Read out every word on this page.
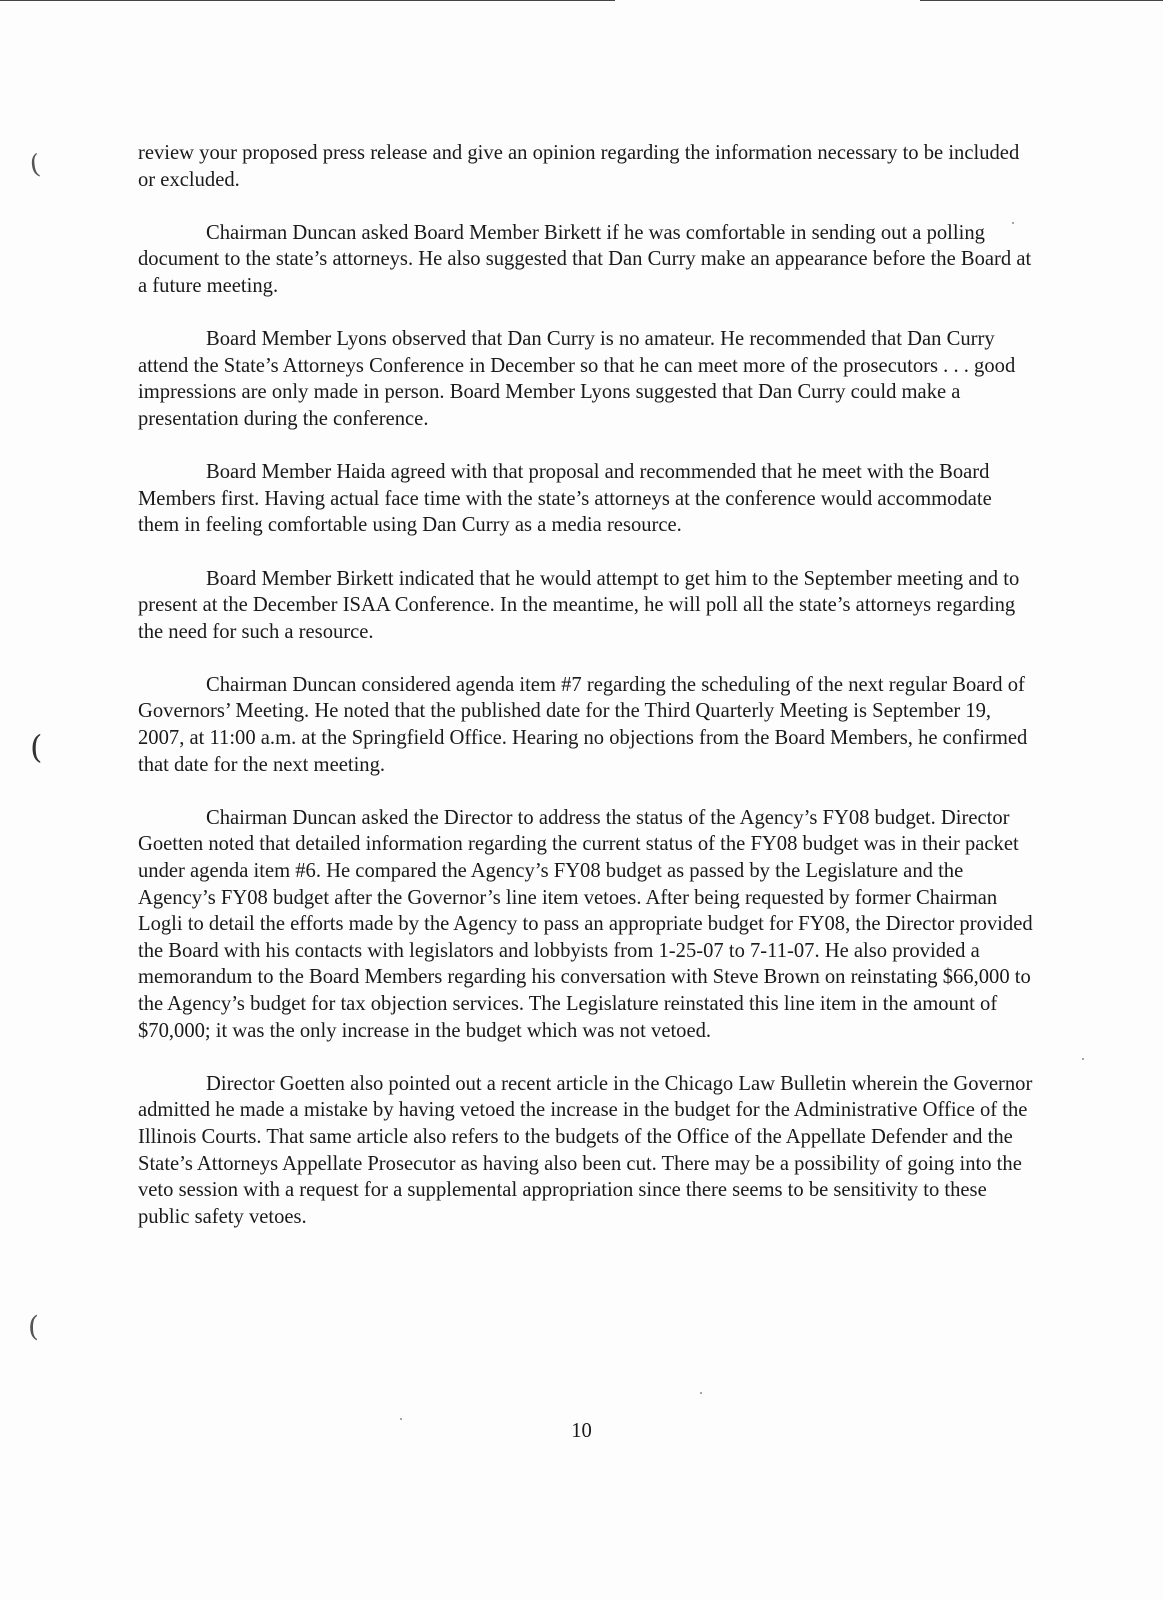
(
(
(

review your proposed press release and give an opinion regarding the information necessary to be included or excluded.

Chairman Duncan asked Board Member Birkett if he was comfortable in sending out a polling document to the state’s attorneys. He also suggested that Dan Curry make an appearance before the Board at a future meeting.

Board Member Lyons observed that Dan Curry is no amateur. He recommended that Dan Curry attend the State’s Attorneys Conference in December so that he can meet more of the prosecutors . . . good impressions are only made in person. Board Member Lyons suggested that Dan Curry could make a presentation during the conference.

Board Member Haida agreed with that proposal and recommended that he meet with the Board Members first. Having actual face time with the state’s attorneys at the conference would accommodate them in feeling comfortable using Dan Curry as a media resource.

Board Member Birkett indicated that he would attempt to get him to the September meeting and to present at the December ISAA Conference. In the meantime, he will poll all the state’s attorneys regarding the need for such a resource.

Chairman Duncan considered agenda item #7 regarding the scheduling of the next regular Board of Governors’ Meeting. He noted that the published date for the Third Quarterly Meeting is September 19, 2007, at 11:00 a.m. at the Springfield Office. Hearing no objections from the Board Members, he confirmed that date for the next meeting.

Chairman Duncan asked the Director to address the status of the Agency’s FY08 budget. Director Goetten noted that detailed information regarding the current status of the FY08 budget was in their packet under agenda item #6. He compared the Agency’s FY08 budget as passed by the Legislature and the Agency’s FY08 budget after the Governor’s line item vetoes. After being requested by former Chairman Logli to detail the efforts made by the Agency to pass an appropriate budget for FY08, the Director provided the Board with his contacts with legislators and lobbyists from 1-25-07 to 7-11-07. He also provided a memorandum to the Board Members regarding his conversation with Steve Brown on reinstating $66,000 to the Agency’s budget for tax objection services. The Legislature reinstated this line item in the amount of $70,000; it was the only increase in the budget which was not vetoed.

Director Goetten also pointed out a recent article in the Chicago Law Bulletin wherein the Governor admitted he made a mistake by having vetoed the increase in the budget for the Administrative Office of the Illinois Courts. That same article also refers to the budgets of the Office of the Appellate Defender and the State’s Attorneys Appellate Prosecutor as having also been cut. There may be a possibility of going into the veto session with a request for a supplemental appropriation since there seems to be sensitivity to these public safety vetoes.

10
